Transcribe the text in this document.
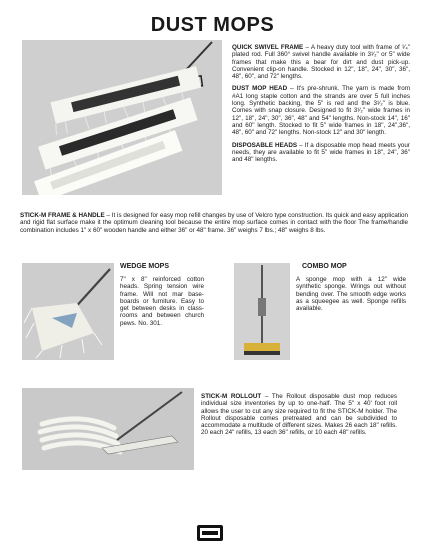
DUST MOPS

QUICK SWIVEL FRAME – A heavy duty tool with frame of ¹⁄₄" plated rod. Full 360° swivel handle available in 3¹⁄₂" or 5" wide frames that make this a bear for dirt and dust pick-up. Convenient clip-on handle. Stocked in 12", 18", 24", 30", 36", 48", 60", and 72" lengths.

DUST MOP HEAD – It's pre-shrunk. The yarn is made from #A1 long staple cotton and the strands are over 5 full inches long. Synthetic backing, the 5" is red and the 3¹⁄₂" is blue. Comes with snap closure. Designed to fit 3¹⁄₂" wide frames in 12", 18", 24", 30", 36", 48" and 54" lengths. Non-stock 14", 16" and 60" length. Stocked to fit 5" wide frames in 18", 24",36", 48", 60" and 72" lengths. Non-stock 12" and 30" length.

DISPOSABLE HEADS – If a disposable mop head meets your needs, they are available to fit 5" wide frames in 18", 24", 36" and 48" lengths.

STICK-M FRAME & HANDLE – It is designed for easy mop refill changes by use of Velcro type construction. Its quick and easy application and rigid flat surface make it the optimum cleaning tool because the entire mop surface comes in contact with the floor The frame/handle combination includes 1" x 60" wooden handle and either 36" or 48" frame. 36" weighs 7 lbs.; 48" weighs 8 lbs.
WEDGE MOPS
7" x 8" reinforced cotton heads. Spring tension wire frame. Will not mar base-boards or furniture. Easy to get between desks in class-rooms and between church pews. No. 301.
COMBO MOP
A sponge mop with a 12" wide synthetic sponge. Wrings out without bending over. The smooth edge works as a squeegee as well. Sponge refills available.
STICK-M ROLLOUT – The Rollout disposable dust mop reduces individual size inventories by up to one-half. The 5" x 40' foot roll allows the user to cut any size required to fit the STICK-M holder. The Rollout disposable comes pretreated and can be subdivided to accommodate a multitude of different sizes. Makes 26 each 18" refills. 20 each 24" refills, 13 each 36" refills, or 10 each 48" refills.
